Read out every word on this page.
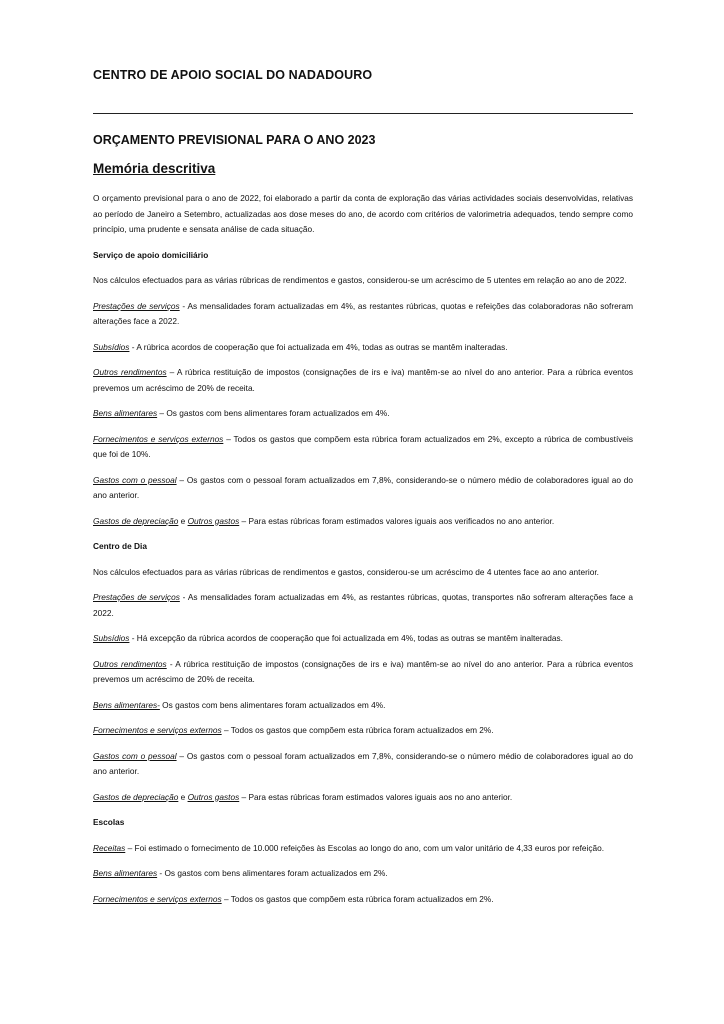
CENTRO DE APOIO SOCIAL DO NADADOURO
ORÇAMENTO PREVISIONAL PARA O ANO 2023
Memória descritiva

O orçamento previsional para o ano de 2022, foi elaborado a partir da conta de exploração das várias actividades sociais desenvolvidas, relativas ao período de Janeiro a Setembro, actualizadas aos dose meses do ano, de acordo com critérios de valorimetria adequados, tendo sempre como princípio, uma prudente e sensata análise de cada situação.

Serviço de apoio domiciliário

Nos cálculos efectuados para as várias rúbricas de rendimentos e gastos, considerou-se um acréscimo de 5 utentes em relação ao ano de 2022.

Prestações de serviços - As mensalidades foram actualizadas em 4%, as restantes rúbricas, quotas e refeições das colaboradoras não sofreram alterações face a 2022.

Subsídios - A rúbrica acordos de cooperação que foi actualizada em 4%, todas as outras se mantêm inalteradas.

Outros rendimentos – A rúbrica restituição de impostos (consignações de irs e iva) mantêm-se ao nível do ano anterior. Para a rúbrica eventos prevemos um acréscimo de 20% de receita.

Bens alimentares – Os gastos com bens alimentares foram actualizados em 4%.

Fornecimentos e serviços externos – Todos os gastos que compõem esta rúbrica foram actualizados em 2%, excepto a rúbrica de combustíveis que foi de 10%.

Gastos com o pessoal – Os gastos com o pessoal foram actualizados em 7,8%, considerando-se o número médio de colaboradores igual ao do ano anterior.

Gastos de depreciação e Outros gastos – Para estas rúbricas foram estimados valores iguais aos verificados no ano anterior.

Centro de Dia

Nos cálculos efectuados para as várias rúbricas de rendimentos e gastos, considerou-se um acréscimo de 4 utentes face ao ano anterior.

Prestações de serviços - As mensalidades foram actualizadas em 4%, as restantes rúbricas, quotas, transportes não sofreram alterações face a 2022.

Subsídios - Há excepção da rúbrica acordos de cooperação que foi actualizada em 4%, todas as outras se mantêm inalteradas.

Outros rendimentos - A rúbrica restituição de impostos (consignações de irs e iva) mantêm-se ao nível do ano anterior. Para a rúbrica eventos prevemos um acréscimo de 20% de receita.

Bens alimentares- Os gastos com bens alimentares foram actualizados em 4%.

Fornecimentos e serviços externos – Todos os gastos que compõem esta rúbrica foram actualizados em 2%.

Gastos com o pessoal – Os gastos com o pessoal foram actualizados em 7,8%, considerando-se o número médio de colaboradores igual ao do ano anterior.

Gastos de depreciação e Outros gastos – Para estas rúbricas foram estimados valores iguais aos no ano anterior.

Escolas

Receitas – Foi estimado o fornecimento de 10.000 refeições às Escolas ao longo do ano, com um valor unitário de 4,33 euros por refeição.

Bens alimentares - Os gastos com bens alimentares foram actualizados em 2%.

Fornecimentos e serviços externos – Todos os gastos que compõem esta rúbrica foram actualizados em 2%.
